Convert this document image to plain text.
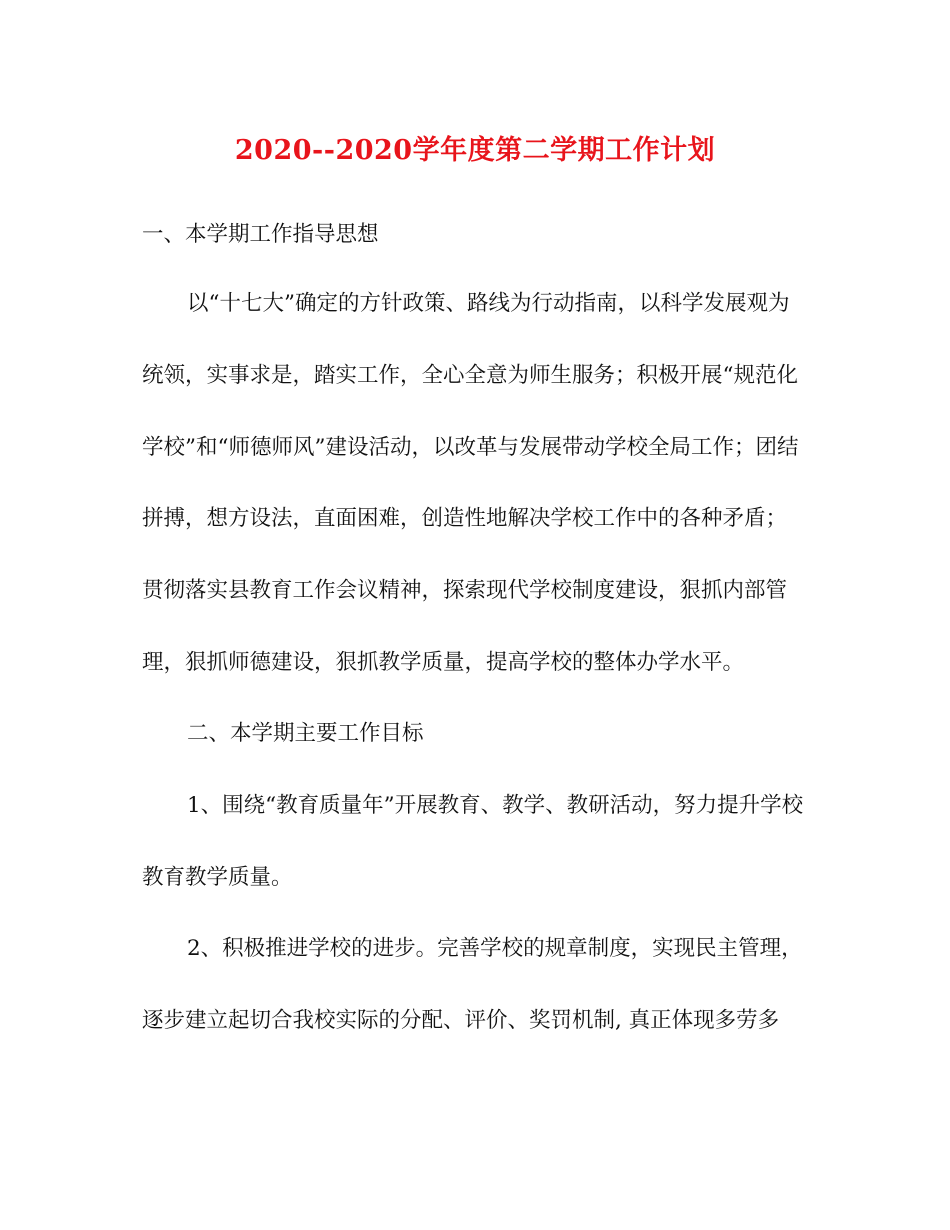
2020--2020学年度第二学期工作计划
一、本学期工作指导思想
以“十七大”确定的方针政策、路线为行动指南，以科学发展观为
统领，实事求是，踏实工作，全心全意为师生服务；积极开展“规范化
学校”和“师德师风”建设活动，以改革与发展带动学校全局工作；团结
拼搏，想方设法，直面困难，创造性地解决学校工作中的各种矛盾；
贯彻落实县教育工作会议精神，探索现代学校制度建设，狠抓内部管
理，狠抓师德建设，狠抓教学质量，提高学校的整体办学水平。
二、本学期主要工作目标
1、围绕“教育质量年”开展教育、教学、教研活动，努力提升学校
教育教学质量。
2、积极推进学校的进步。完善学校的规章制度，实现民主管理，
逐步建立起切合我校实际的分配、评价、奖罚机制, 真正体现多劳多
